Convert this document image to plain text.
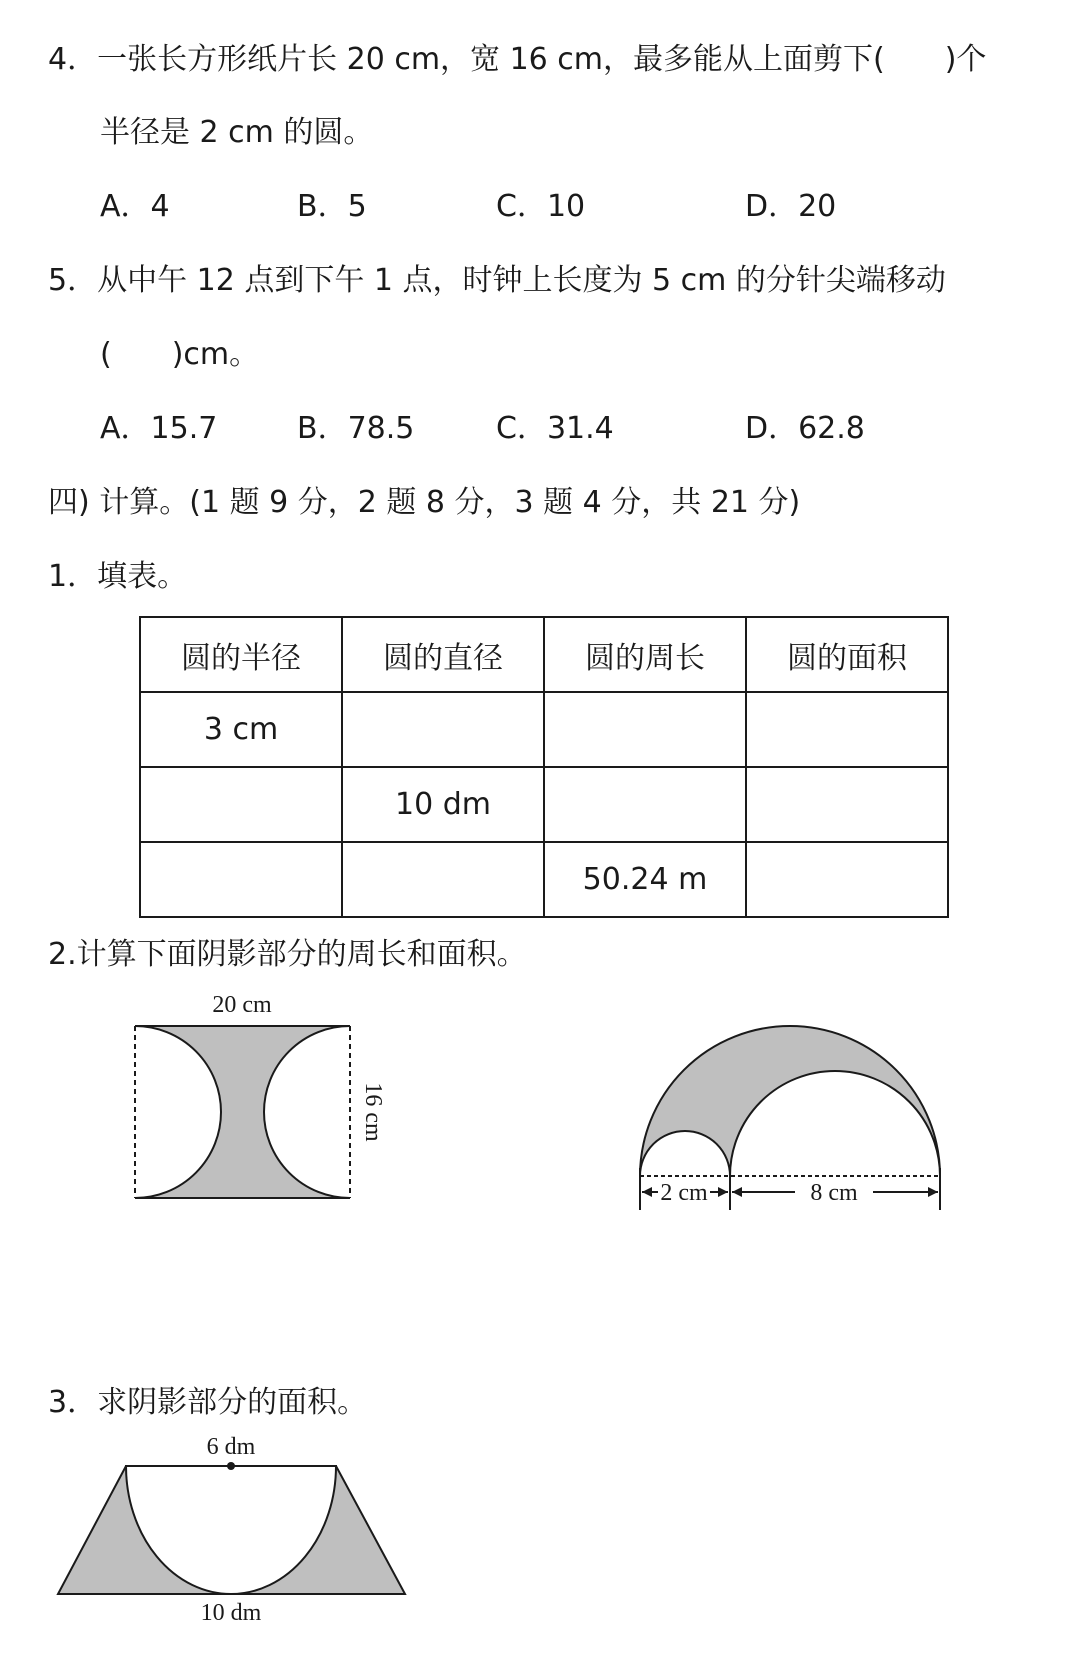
4．一张长方形纸片长 20 cm，宽 16 cm，最多能从上面剪下(　　)个
半径是 2 cm 的圆。
A．4	B．5	C．10	D．20
5．从中午 12 点到下午 1 点，时钟上长度为 5 cm 的分针尖端移动
(　　)cm。
A．15.7	B．78.5	C．31.4	D．62.8
四) 计算。(1 题 9 分，2 题 8 分，3 题 4 分，共 21 分)
1．填表。
圆的半径	圆的直径	圆的周长	圆的面积
3 cm			
	10 dm		
		50.24 m	
2.计算下面阴影部分的周长和面积。
20 cm
16 cm
2 cm	8 cm
3．求阴影部分的面积。
6 dm
10 dm
